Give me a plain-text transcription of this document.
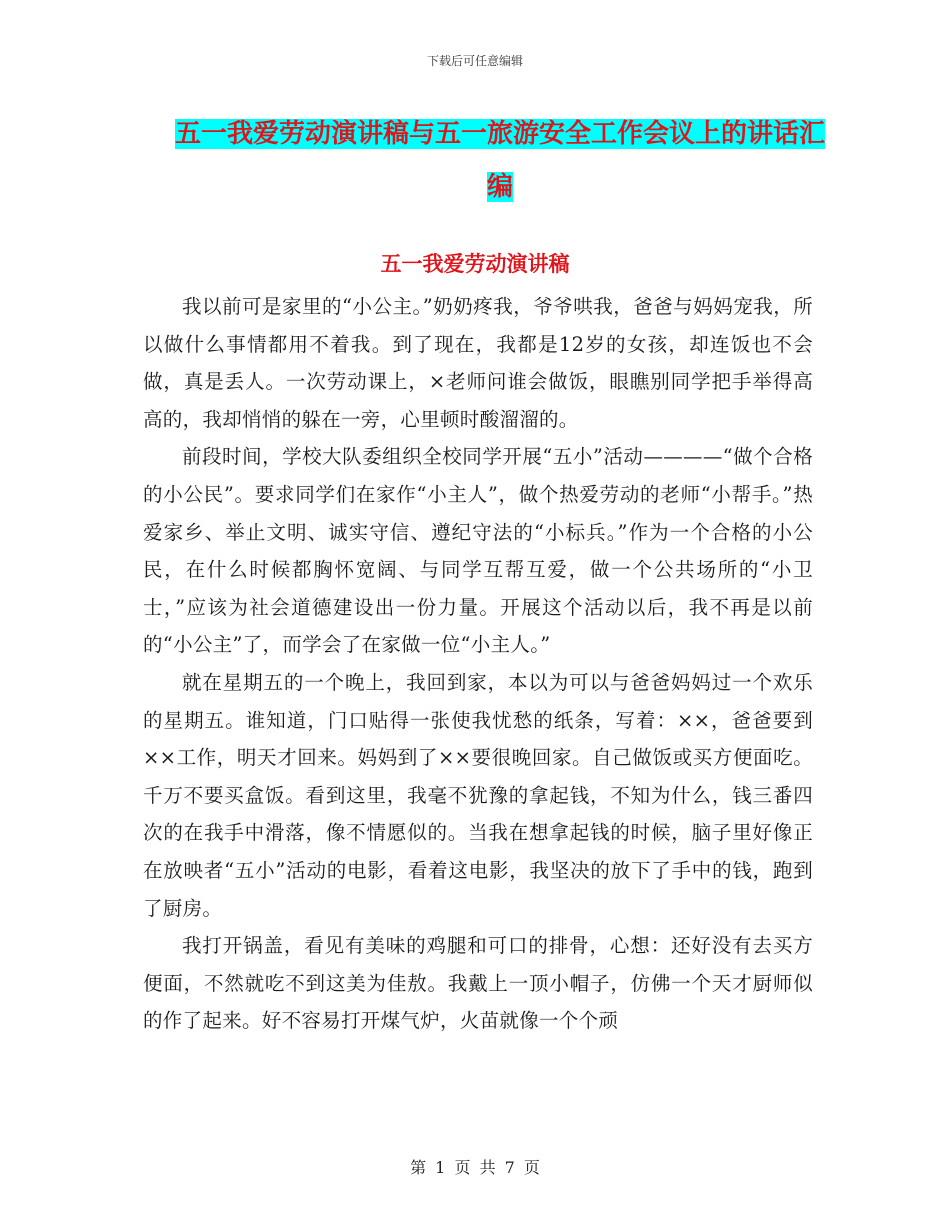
下载后可任意编辑
五一我爱劳动演讲稿与五一旅游安全工作会议上的讲话汇编
五一我爱劳动演讲稿

我以前可是家里的“小公主。”奶奶疼我，爷爷哄我，爸爸与妈妈宠我，所以做什么事情都用不着我。到了现在，我都是12岁的女孩，却连饭也不会做，真是丢人。一次劳动课上，×老师问谁会做饭，眼瞧别同学把手举得高高的，我却悄悄的躲在一旁，心里顿时酸溜溜的。

前段时间，学校大队委组织全校同学开展“五小”活动————“做个合格的小公民”。要求同学们在家作“小主人”，做个热爱劳动的老师“小帮手。”热爱家乡、举止文明、诚实守信、遵纪守法的“小标兵。”作为一个合格的小公民，在什么时候都胸怀宽阔、与同学互帮互爱，做一个公共场所的“小卫士，”应该为社会道德建设出一份力量。开展这个活动以后，我不再是以前的“小公主”了，而学会了在家做一位“小主人。”

就在星期五的一个晚上，我回到家，本以为可以与爸爸妈妈过一个欢乐的星期五。谁知道，门口贴得一张使我忧愁的纸条，写着：××，爸爸要到××工作，明天才回来。妈妈到了××要很晚回家。自己做饭或买方便面吃。千万不要买盒饭。看到这里，我毫不犹豫的拿起钱，不知为什么，钱三番四次的在我手中滑落，像不情愿似的。当我在想拿起钱的时候，脑子里好像正在放映者“五小”活动的电影，看着这电影，我坚决的放下了手中的钱，跑到了厨房。

我打开锅盖，看见有美味的鸡腿和可口的排骨，心想：还好没有去买方便面，不然就吃不到这美为佳敖。我戴上一顶小帽子，仿佛一个天才厨师似的作了起来。好不容易打开煤气炉，火苗就像一个个顽

第 1 页 共 7 页
